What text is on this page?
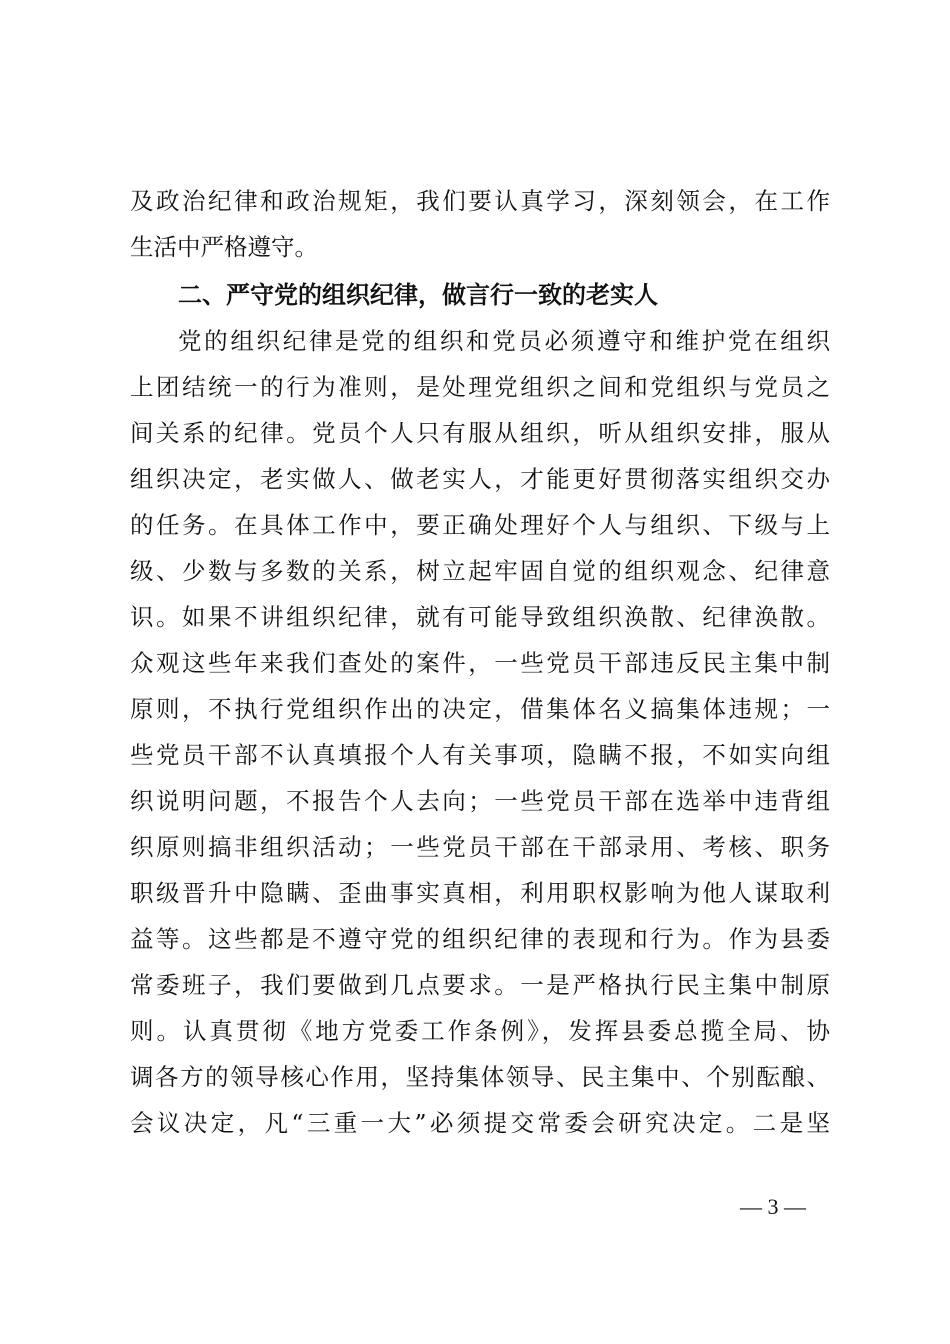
及政治纪律和政治规矩，我们要认真学习，深刻领会，在工作
生活中严格遵守。
二、严守党的组织纪律，做言行一致的老实人
党的组织纪律是党的组织和党员必须遵守和维护党在组织
上团结统一的行为准则，是处理党组织之间和党组织与党员之
间关系的纪律。党员个人只有服从组织，听从组织安排，服从
组织决定，老实做人、做老实人，才能更好贯彻落实组织交办
的任务。在具体工作中，要正确处理好个人与组织、下级与上
级、少数与多数的关系，树立起牢固自觉的组织观念、纪律意
识。如果不讲组织纪律，就有可能导致组织涣散、纪律涣散。
众观这些年来我们查处的案件，一些党员干部违反民主集中制
原则，不执行党组织作出的决定，借集体名义搞集体违规；一
些党员干部不认真填报个人有关事项，隐瞒不报，不如实向组
织说明问题，不报告个人去向；一些党员干部在选举中违背组
织原则搞非组织活动；一些党员干部在干部录用、考核、职务
职级晋升中隐瞒、歪曲事实真相，利用职权影响为他人谋取利
益等。这些都是不遵守党的组织纪律的表现和行为。作为县委
常委班子，我们要做到几点要求。一是严格执行民主集中制原
则。认真贯彻《地方党委工作条例》，发挥县委总揽全局、协
调各方的领导核心作用，坚持集体领导、民主集中、个别酝酿、
会议决定，凡“三重一大”必须提交常委会研究决定。二是坚
— 3 —
